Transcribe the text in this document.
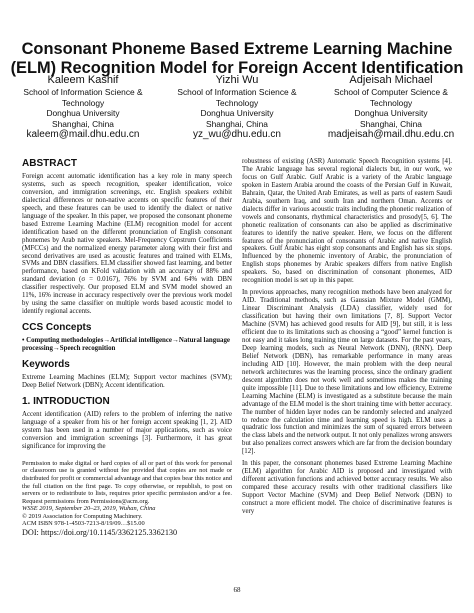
Consonant Phoneme Based Extreme Learning Machine
(ELM) Recognition Model for Foreign Accent Identification
Kaleem Kashif
School of Information Science &
Technology
Donghua University
Shanghai, China
kaleem@mail.dhu.edu.cn
Yizhi Wu
School of Information Science &
Technology
Donghua University
Shanghai, China
yz_wu@dhu.edu.cn
Adjeisah Michael
School of Computer Science &
Technology
Donghua University
Shanghai, China
madjeisah@mail.dhu.edu.cn
ABSTRACT

Foreign accent automatic identification has a key role in many speech systems, such as speech recognition, speaker identification, voice conversion, and immigration screenings, etc. English speakers exhibit dialectical differences or non-native accents on specific features of their speech, and these features can be used to identify the dialect or native language of the speaker. In this paper, we proposed the consonant phoneme based Extreme Learning Machine (ELM) recognition model for accent identification based on the different pronunciation of English consonant phonemes by Arab native speakers. Mel-Frequency Cepstrum Coefficients (MFCCs) and the normalized energy parameter along with their first and second derivatives are used as acoustic features and trained with ELMs, SVMs and DBN classifiers. ELM classifier showed fast learning, and better performance, based on KFold validation with an accuracy of 88% and standard deviation (σ = 0.0167), 76% by SVM and 64% with DBN classifier respectively. Our proposed ELM and SVM model showed an 11%, 16% increase in accuracy respectively over the previous work model by using the same classifier on multiple words based acoustic model to identify regional accents.

CCS Concepts

• Computing methodologies→Artificial intelligence→Natural language processing→Speech recognition

Keywords

Extreme Learning Machines (ELM); Support vector machines (SVM); Deep Belief Network (DBN); Accent identification.

1. INTRODUCTION

Accent identification (AID) refers to the problem of inferring the native language of a speaker from his or her foreign accent speaking [1, 2]. AID system has been used in a number of major applications, such as voice conversion and immigration screenings [3]. Furthermore, it has great significance for improving the

Permission to make digital or hard copies of all or part of this work for personal or classroom use is granted without fee provided that copies are not made or distributed for profit or commercial advantage and that copies bear this notice and the full citation on the first page. To copy otherwise, or republish, to post on servers or to redistribute to lists, requires prior specific permission and/or a fee. Request permissions from Permissions@acm.org.

WSSE 2019, September 20–23, 2019, Wuhan, China

© 2019 Association for Computing Machinery.

ACM ISBN 978-1-4503-7213-8/19/09…$15.00

DOI: https://doi.org/10.1145/3362125.3362130

robustness of existing (ASR) Automatic Speech Recognition systems [4]. The Arabic language has several regional dialects but, in our work, we focus on Gulf Arabic. Gulf Arabic is a variety of the Arabic language spoken in Eastern Arabia around the coasts of the Persian Gulf in Kuwait, Bahrain, Qatar, the United Arab Emirates, as well as parts of eastern Saudi Arabia, southern Iraq, and south Iran and northern Oman. Accents or dialects differ in various acoustic traits including the phonetic realization of vowels and consonants, rhythmical characteristics and prosody[5, 6]. The phonetic realization of consonants can also be applied as discriminative features to identify the native speaker. Here, we focus on the different features of the pronunciation of consonants of Arabic and native English speakers. Gulf Arabic has eight stop consonants and English has six stops. Influenced by the phonemic inventory of Arabic, the pronunciation of English stops phonemes by Arabic speakers differs from native English speakers. So, based on discrimination of consonant phonemes, AID recognition model is set up in this paper.

In previous approaches, many recognition methods have been analyzed for AID. Traditional methods, such as Gaussian Mixture Model (GMM), Linear Discriminant Analysis (LDA) classifier, widely used for classification but having their own limitations [7, 8]. Support Vector Machine (SVM) has achieved good results for AID [9], but still, it is less efficient due to its limitations such as choosing a “good” kernel function is not easy and it takes long training time on large datasets. For the past years, Deep learning models, such as Neural Network (DNN), (RNN). Deep Belief Network (DBN), has remarkable performance in many areas including AID [10]. However, the main problem with the deep neural network architectures was the learning process, since the ordinary gradient descent algorithm does not work well and sometimes makes the training quite impossible [11]. Due to these limitations and low efficiency, Extreme Learning Machine (ELM) is investigated as a substitute because the main advantage of the ELM model is the short training time with better accuracy. The number of hidden layer nodes can be randomly selected and analyzed to reduce the calculation time and learning speed is high. ELM uses a quadratic loss function and minimizes the sum of squared errors between the class labels and the network output. It not only penalizes wrong answers but also penalizes correct answers which are far from the decision boundary [12].

In this paper, the consonant phonemes based Extreme Learning Machine (ELM) algorithm for Arabic AID is proposed and investigated with different activation functions and achieved better accuracy results. We also compared these accuracy results with other traditional classifiers like Support Vector Machine (SVM) and Deep Belief Network (DBN) to construct a more efficient model. The choice of discriminative features is very

68
